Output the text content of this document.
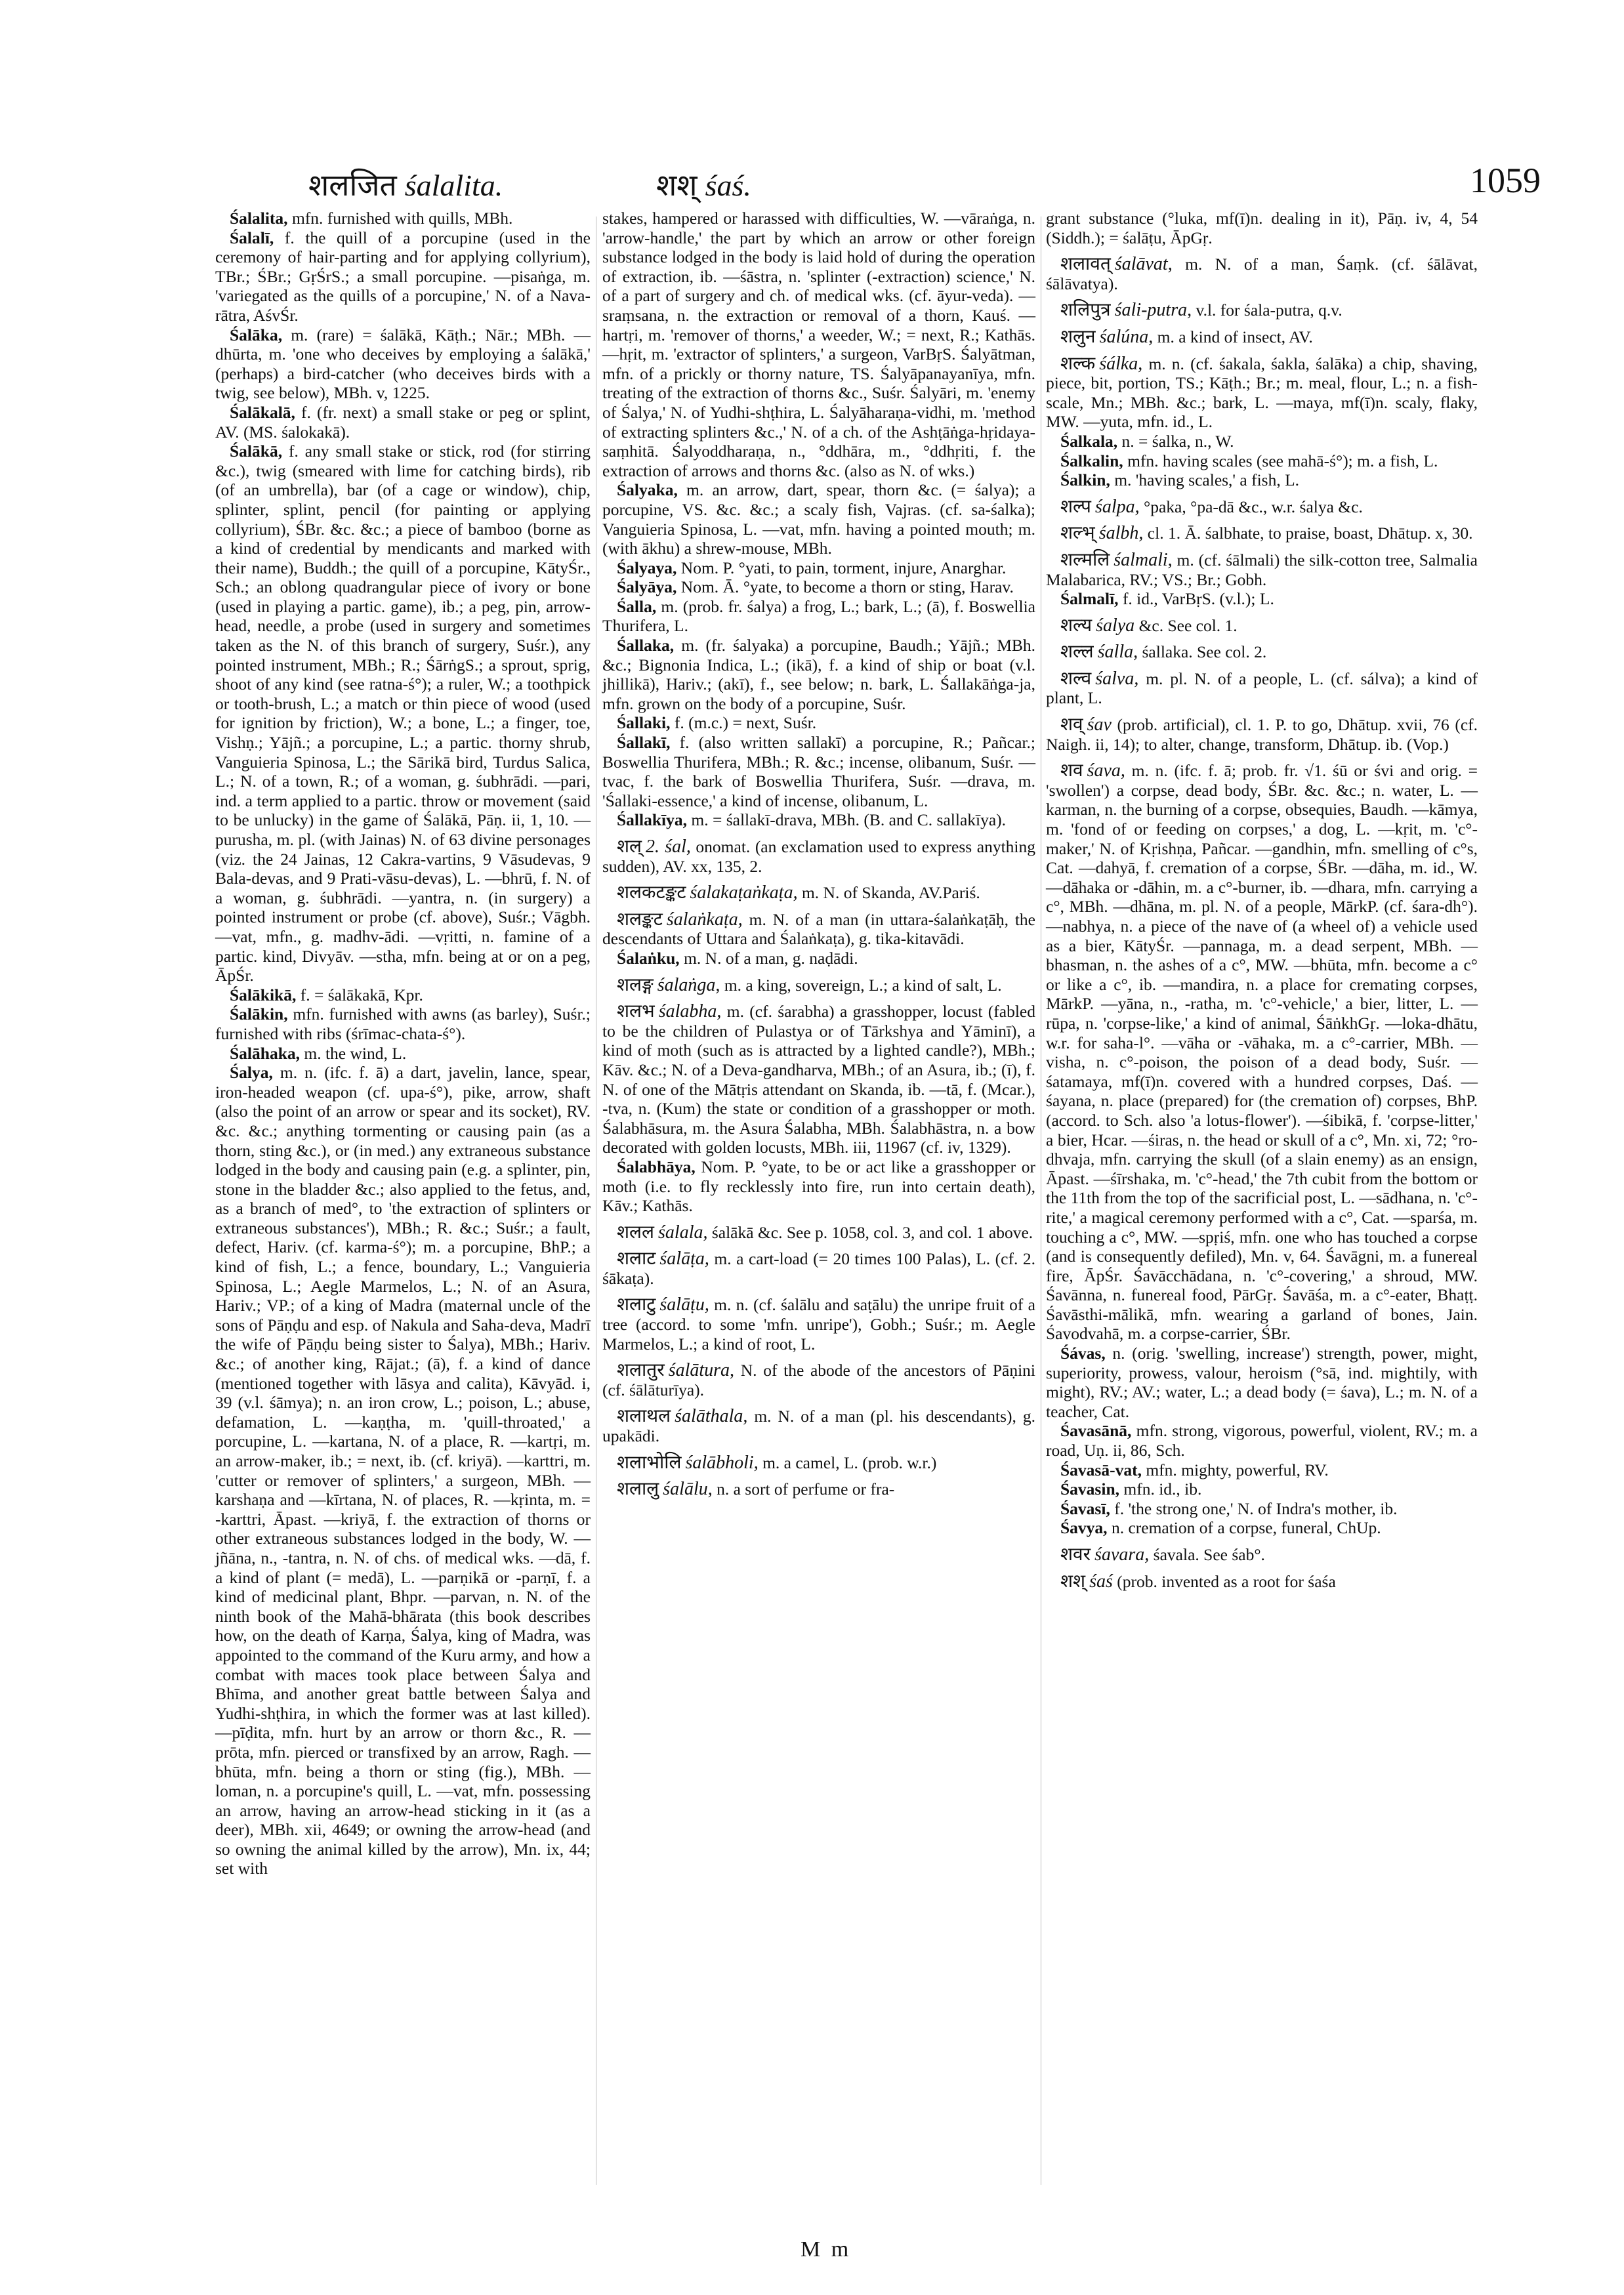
शलजित śalalita.	शश् śaś.	1059

Śalalita, mfn. furnished with quills, MBh.

Śalalī, f. the quill of a porcupine (used in the ceremony of hair-parting and for applying collyrium), TBr.; ŚBr.; GṛŚrS.; a small porcupine. —pisaṅga, m. 'variegated as the quills of a porcupine,' N. of a Nava-rātra, AśvŚr.

Śalāka, m. (rare) = śalākā, Kāṭh.; Nār.; MBh. —dhūrta, m. 'one who deceives by employing a śalākā,' (perhaps) a bird-catcher (who deceives birds with a twig, see below), MBh. v, 1225.

Śalākalā, f. (fr. next) a small stake or peg or splint, AV. (MS. śalokakā).

Śalākā, f. any small stake or stick, rod (for stirring &c.), twig (smeared with lime for catching birds), rib (of an umbrella), bar (of a cage or window), chip, splinter, splint, pencil (for painting or applying collyrium), ŚBr. &c. &c.; a piece of bamboo (borne as a kind of credential by mendicants and marked with their name), Buddh.; the quill of a porcupine, KātyŚr., Sch.; an oblong quadrangular piece of ivory or bone (used in playing a partic. game), ib.; a peg, pin, arrow-head, needle, a probe (used in surgery and sometimes taken as the N. of this branch of surgery, Suśr.), any pointed instrument, MBh.; R.; ŚārṅgS.; a sprout, sprig, shoot of any kind (see ratna-ś°); a ruler, W.; a toothpick or tooth-brush, L.; a match or thin piece of wood (used for ignition by friction), W.; a bone, L.; a finger, toe, Vishṇ.; Yājñ.; a porcupine, L.; a partic. thorny shrub, Vanguieria Spinosa, L.; the Sārikā bird, Turdus Salica, L.; N. of a town, R.; of a woman, g. śubhrādi. —pari, ind. a term applied to a partic. throw or movement (said to be unlucky) in the game of Śalākā, Pāṇ. ii, 1, 10. —purusha, m. pl. (with Jainas) N. of 63 divine personages (viz. the 24 Jainas, 12 Cakra-vartins, 9 Vāsudevas, 9 Bala-devas, and 9 Prati-vāsu-devas), L. —bhrū, f. N. of a woman, g. śubhrādi. —yantra, n. (in surgery) a pointed instrument or probe (cf. above), Suśr.; Vāgbh. —vat, mfn., g. madhv-ādi. —vṛitti, n. famine of a partic. kind, Divyāv. —stha, mfn. being at or on a peg, ĀpŚr.

Śalākikā, f. = śalākakā, Kpr.

Śalākin, mfn. furnished with awns (as barley), Suśr.; furnished with ribs (śrīmac-chata-ś°).

Śalāhaka, m. the wind, L.

Śalya, m. n. (ifc. f. ā) a dart, javelin, lance, spear, iron-headed weapon (cf. upa-ś°), pike, arrow, shaft (also the point of an arrow or spear and its socket), RV. &c. &c.; anything tormenting or causing pain (as a thorn, sting &c.), or (in med.) any extraneous substance lodged in the body and causing pain (e.g. a splinter, pin, stone in the bladder &c.; also applied to the fetus, and, as a branch of med°, to 'the extraction of splinters or extraneous substances'), MBh.; R. &c.; Suśr.; a fault, defect, Hariv. (cf. karma-ś°); m. a porcupine, BhP.; a kind of fish, L.; a fence, boundary, L.; Vanguieria Spinosa, L.; Aegle Marmelos, L.; N. of an Asura, Hariv.; VP.; of a king of Madra (maternal uncle of the sons of Pāṇḍu and esp. of Nakula and Saha-deva, Madrī the wife of Pāṇḍu being sister to Śalya), MBh.; Hariv. &c.; of another king, Rājat.; (ā), f. a kind of dance (mentioned together with lāsya and calita), Kāvyād. i, 39 (v.l. śāmya); n. an iron crow, L.; poison, L.; abuse, defamation, L. —kaṇṭha, m. 'quill-throated,' a porcupine, L. —kartana, N. of a place, R. —kartṛi, m. an arrow-maker, ib.; = next, ib. (cf. kriyā). —karttri, m. 'cutter or remover of splinters,' a surgeon, MBh. —karshaṇa and —kīrtana, N. of places, R. —kṛinta, m. = -karttri, Āpast. —kriyā, f. the extraction of thorns or other extraneous substances lodged in the body, W. —jñāna, n., -tantra, n. N. of chs. of medical wks. —dā, f. a kind of plant (= medā), L. —parṇikā or -parṇī, f. a kind of medicinal plant, Bhpr. —parvan, n. N. of the ninth book of the Mahā-bhārata (this book describes how, on the death of Karṇa, Śalya, king of Madra, was appointed to the command of the Kuru army, and how a combat with maces took place between Śalya and Bhīma, and another great battle between Śalya and Yudhi-shṭhira, in which the former was at last killed). —pīḍita, mfn. hurt by an arrow or thorn &c., R. —prōta, mfn. pierced or transfixed by an arrow, Ragh. —bhūta, mfn. being a thorn or sting (fig.), MBh. —loman, n. a porcupine's quill, L. —vat, mfn. possessing an arrow, having an arrow-head sticking in it (as a deer), MBh. xii, 4649; or owning the arrow-head (and so owning the animal killed by the arrow), Mn. ix, 44; set with

stakes, hampered or harassed with difficulties, W. —vāraṅga, n. 'arrow-handle,' the part by which an arrow or other foreign substance lodged in the body is laid hold of during the operation of extraction, ib. —śāstra, n. 'splinter (-extraction) science,' N. of a part of surgery and ch. of medical wks. (cf. āyur-veda). —sraṃsana, n. the extraction or removal of a thorn, Kauś. —hartṛi, m. 'remover of thorns,' a weeder, W.; = next, R.; Kathās. —hṛit, m. 'extractor of splinters,' a surgeon, VarBṛS. Śalyātman, mfn. of a prickly or thorny nature, TS. Śalyāpanayanīya, mfn. treating of the extraction of thorns &c., Suśr. Śalyāri, m. 'enemy of Śalya,' N. of Yudhi-shṭhira, L. Śalyāharaṇa-vidhi, m. 'method of extracting splinters &c.,' N. of a ch. of the Ashṭāṅga-hṛidaya-saṃhitā. Śalyoddharaṇa, n., °ddhāra, m., °ddhṛiti, f. the extraction of arrows and thorns &c. (also as N. of wks.)

Śalyaka, m. an arrow, dart, spear, thorn &c. (= śalya); a porcupine, VS. &c. &c.; a scaly fish, Vajras. (cf. sa-śalka); Vanguieria Spinosa, L. —vat, mfn. having a pointed mouth; m. (with ākhu) a shrew-mouse, MBh.

Śalyaya, Nom. P. °yati, to pain, torment, injure, Anarghar.

Śalyāya, Nom. Ā. °yate, to become a thorn or sting, Harav.

Śalla, m. (prob. fr. śalya) a frog, L.; bark, L.; (ā), f. Boswellia Thurifera, L.

Śallaka, m. (fr. śalyaka) a porcupine, Baudh.; Yājñ.; MBh. &c.; Bignonia Indica, L.; (ikā), f. a kind of ship or boat (v.l. jhillikā), Hariv.; (akī), f., see below; n. bark, L. Śallakāṅga-ja, mfn. grown on the body of a porcupine, Suśr.

Śallaki, f. (m.c.) = next, Suśr.

Śallakī, f. (also written sallakī) a porcupine, R.; Pañcar.; Boswellia Thurifera, MBh.; R. &c.; incense, olibanum, Suśr. —tvac, f. the bark of Boswellia Thurifera, Suśr. —drava, m. 'Śallaki-essence,' a kind of incense, olibanum, L.

Śallakīya, m. = śallakī-drava, MBh. (B. and C. sallakīya).

शल् 2. śal, onomat. (an exclamation used to express anything sudden), AV. xx, 135, 2.

शलकटङ्कट śalakaṭaṅkaṭa, m. N. of Skanda, AV.Pariś.

शलङ्कट śalaṅkaṭa, m. N. of a man (in uttara-śalaṅkaṭāḥ, the descendants of Uttara and Śalaṅkaṭa), g. tika-kitavādi.

Śalaṅku, m. N. of a man, g. naḍādi.

शलङ्ग śalaṅga, m. a king, sovereign, L.; a kind of salt, L.

शलभ śalabha, m. (cf. śarabha) a grasshopper, locust (fabled to be the children of Pulastya or of Tārkshya and Yāminī), a kind of moth (such as is attracted by a lighted candle?), MBh.; Kāv. &c.; N. of a Deva-gandharva, MBh.; of an Asura, ib.; (ī), f. N. of one of the Mātṛis attendant on Skanda, ib. —tā, f. (Mcar.), -tva, n. (Kum) the state or condition of a grasshopper or moth. Śalabhāsura, m. the Asura Śalabha, MBh. Śalabhāstra, n. a bow decorated with golden locusts, MBh. iii, 11967 (cf. iv, 1329).

Śalabhāya, Nom. P. °yate, to be or act like a grasshopper or moth (i.e. to fly recklessly into fire, run into certain death), Kāv.; Kathās.

शलल śalala, śalākā &c. See p. 1058, col. 3, and col. 1 above.

शलाट śalāṭa, m. a cart-load (= 20 times 100 Palas), L. (cf. 2. śākaṭa).

शलाटु śalāṭu, m. n. (cf. śalālu and saṭālu) the unripe fruit of a tree (accord. to some 'mfn. unripe'), Gobh.; Suśr.; m. Aegle Marmelos, L.; a kind of root, L.

शलातुर śalātura, N. of the abode of the ancestors of Pāṇini (cf. śālāturīya).

शलाथल śalāthala, m. N. of a man (pl. his descendants), g. upakādi.

शलाभोलि śalābholi, m. a camel, L. (prob. w.r.)

शलालु śalālu, n. a sort of perfume or fra-

grant substance (°luka, mf(ī)n. dealing in it), Pāṇ. iv, 4, 54 (Siddh.); = śalāṭu, ĀpGṛ.

शलावत् śalāvat, m. N. of a man, Śaṃk. (cf. śālāvat, śālāvatya).

शलिपुत्र śali-putra, v.l. for śala-putra, q.v.

शलुन śalúna, m. a kind of insect, AV.

शल्क śálka, m. n. (cf. śakala, śakla, śalāka) a chip, shaving, piece, bit, portion, TS.; Kāṭh.; Br.; m. meal, flour, L.; n. a fish-scale, Mn.; MBh. &c.; bark, L. —maya, mf(ī)n. scaly, flaky, MW. —yuta, mfn. id., L.

Śalkala, n. = śalka, n., W.

Śalkalin, mfn. having scales (see mahā-ś°); m. a fish, L.

Śalkin, m. 'having scales,' a fish, L.

शल्प śalpa, °paka, °pa-dā &c., w.r. śalya &c.

शल्भ् śalbh, cl. 1. Ā. śalbhate, to praise, boast, Dhātup. x, 30.

शल्मलि śalmali, m. (cf. śālmali) the silk-cotton tree, Salmalia Malabarica, RV.; VS.; Br.; Gobh.

Śalmalī, f. id., VarBṛS. (v.l.); L.

शल्य śalya &c. See col. 1.

शल्ल śalla, śallaka. See col. 2.

शल्व śalva, m. pl. N. of a people, L. (cf. sálva); a kind of plant, L.

शव् śav (prob. artificial), cl. 1. P. to go, Dhātup. xvii, 76 (cf. Naigh. ii, 14); to alter, change, transform, Dhātup. ib. (Vop.)

शव śava, m. n. (ifc. f. ā; prob. fr. √1. śū or śvi and orig. = 'swollen') a corpse, dead body, ŚBr. &c. &c.; n. water, L. —karman, n. the burning of a corpse, obsequies, Baudh. —kāmya, m. 'fond of or feeding on corpses,' a dog, L. —kṛit, m. 'c°-maker,' N. of Kṛishṇa, Pañcar. —gandhin, mfn. smelling of c°s, Cat. —dahyā, f. cremation of a corpse, ŚBr. —dāha, m. id., W. —dāhaka or -dāhin, m. a c°-burner, ib. —dhara, mfn. carrying a c°, MBh. —dhāna, m. pl. N. of a people, MārkP. (cf. śara-dh°). —nabhya, n. a piece of the nave of (a wheel of) a vehicle used as a bier, KātyŚr. —pannaga, m. a dead serpent, MBh. —bhasman, n. the ashes of a c°, MW. —bhūta, mfn. become a c° or like a c°, ib. —mandira, n. a place for cremating corpses, MārkP. —yāna, n., -ratha, m. 'c°-vehicle,' a bier, litter, L. —rūpa, n. 'corpse-like,' a kind of animal, ŚāṅkhGṛ. —loka-dhātu, w.r. for saha-l°. —vāha or -vāhaka, m. a c°-carrier, MBh. —visha, n. c°-poison, the poison of a dead body, Suśr. —śatamaya, mf(ī)n. covered with a hundred corpses, Daś. —śayana, n. place (prepared) for (the cremation of) corpses, BhP. (accord. to Sch. also 'a lotus-flower'). —śibikā, f. 'corpse-litter,' a bier, Hcar. —śiras, n. the head or skull of a c°, Mn. xi, 72; °ro-dhvaja, mfn. carrying the skull (of a slain enemy) as an ensign, Āpast. —śīrshaka, m. 'c°-head,' the 7th cubit from the bottom or the 11th from the top of the sacrificial post, L. —sādhana, n. 'c°-rite,' a magical ceremony performed with a c°, Cat. —sparśa, m. touching a c°, MW. —spṛiś, mfn. one who has touched a corpse (and is consequently defiled), Mn. v, 64. Śavāgni, m. a funereal fire, ĀpŚr. Śavācchādana, n. 'c°-covering,' a shroud, MW. Śavānna, n. funereal food, PārGṛ. Śavāśa, m. a c°-eater, Bhaṭṭ. Śavāsthi-mālikā, mfn. wearing a garland of bones, Jain. Śavodvahā, m. a corpse-carrier, ŚBr.

Śávas, n. (orig. 'swelling, increase') strength, power, might, superiority, prowess, valour, heroism (°sā, ind. mightily, with might), RV.; AV.; water, L.; a dead body (= śava), L.; m. N. of a teacher, Cat.

Śavasānā, mfn. strong, vigorous, powerful, violent, RV.; m. a road, Uṇ. ii, 86, Sch.

Śavasā-vat, mfn. mighty, powerful, RV.

Śavasin, mfn. id., ib.

Śavasī, f. 'the strong one,' N. of Indra's mother, ib.

Śavya, n. cremation of a corpse, funeral, ChUp.

शवर śavara, śavala. See śab°.

शश् śaś (prob. invented as a root for śaśa

M m
